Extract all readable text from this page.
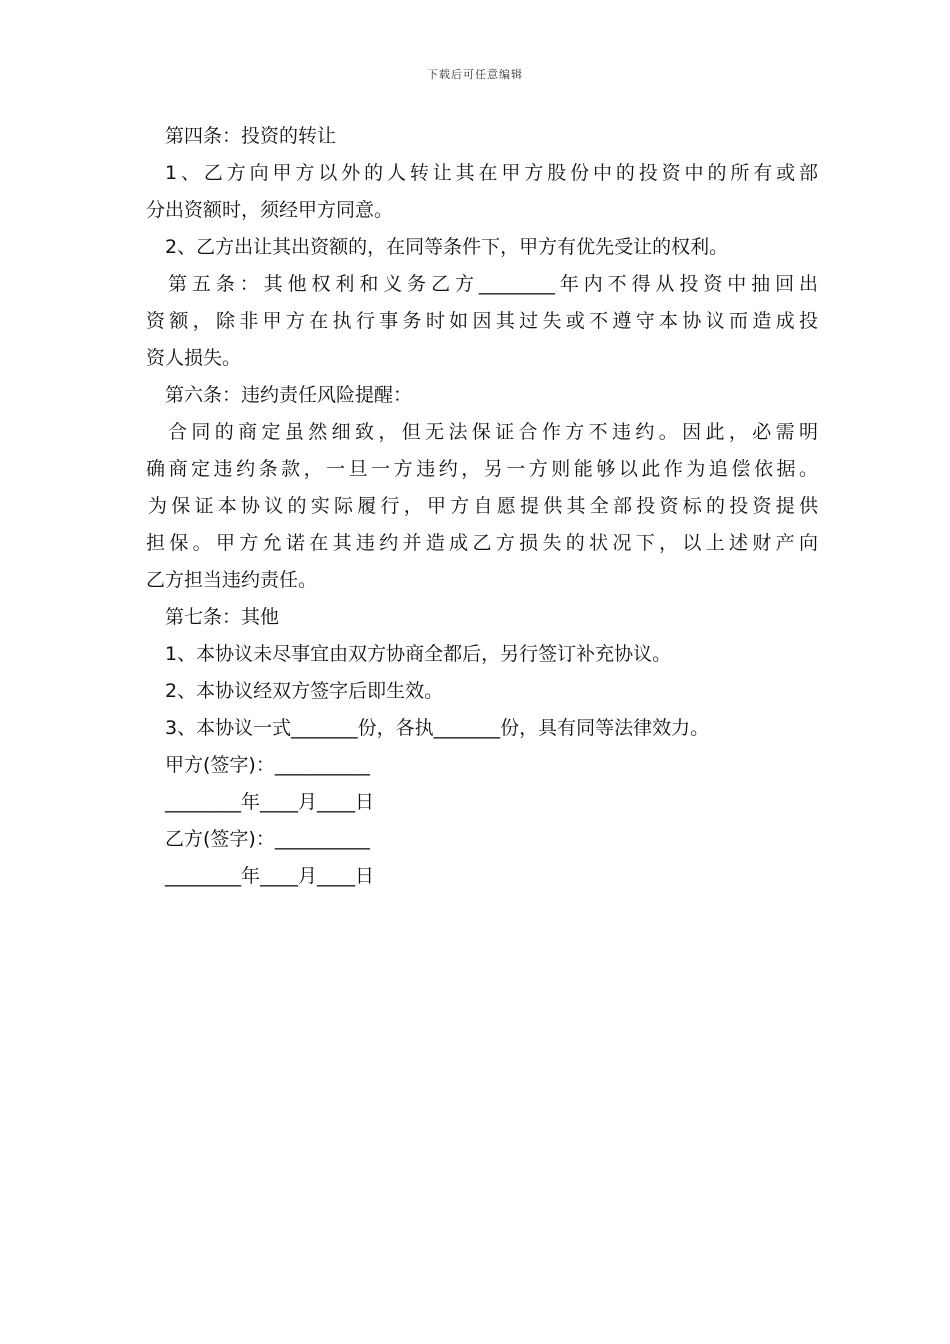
下载后可任意编辑
第四条：投资的转让
1、乙方向甲方以外的人转让其在甲方股份中的投资中的所有或部
分出资额时，须经甲方同意。
2、乙方出让其出资额的，在同等条件下，甲方有优先受让的权利。
第五条：其他权利和义务乙方________年内不得从投资中抽回出
资额，除非甲方在执行事务时如因其过失或不遵守本协议而造成投
资人损失。
第六条：违约责任风险提醒：
合同的商定虽然细致，但无法保证合作方不违约。因此，必需明
确商定违约条款，一旦一方违约，另一方则能够以此作为追偿依据。
为保证本协议的实际履行，甲方自愿提供其全部投资标的投资提供
担保。甲方允诺在其违约并造成乙方损失的状况下，以上述财产向
乙方担当违约责任。
第七条：其他
1、本协议未尽事宜由双方协商全都后，另行签订补充协议。
2、本协议经双方签字后即生效。
3、本协议一式_______份，各执_______份，具有同等法律效力。
甲方(签字)：__________
________年____月____日
乙方(签字)：__________
________年____月____日
